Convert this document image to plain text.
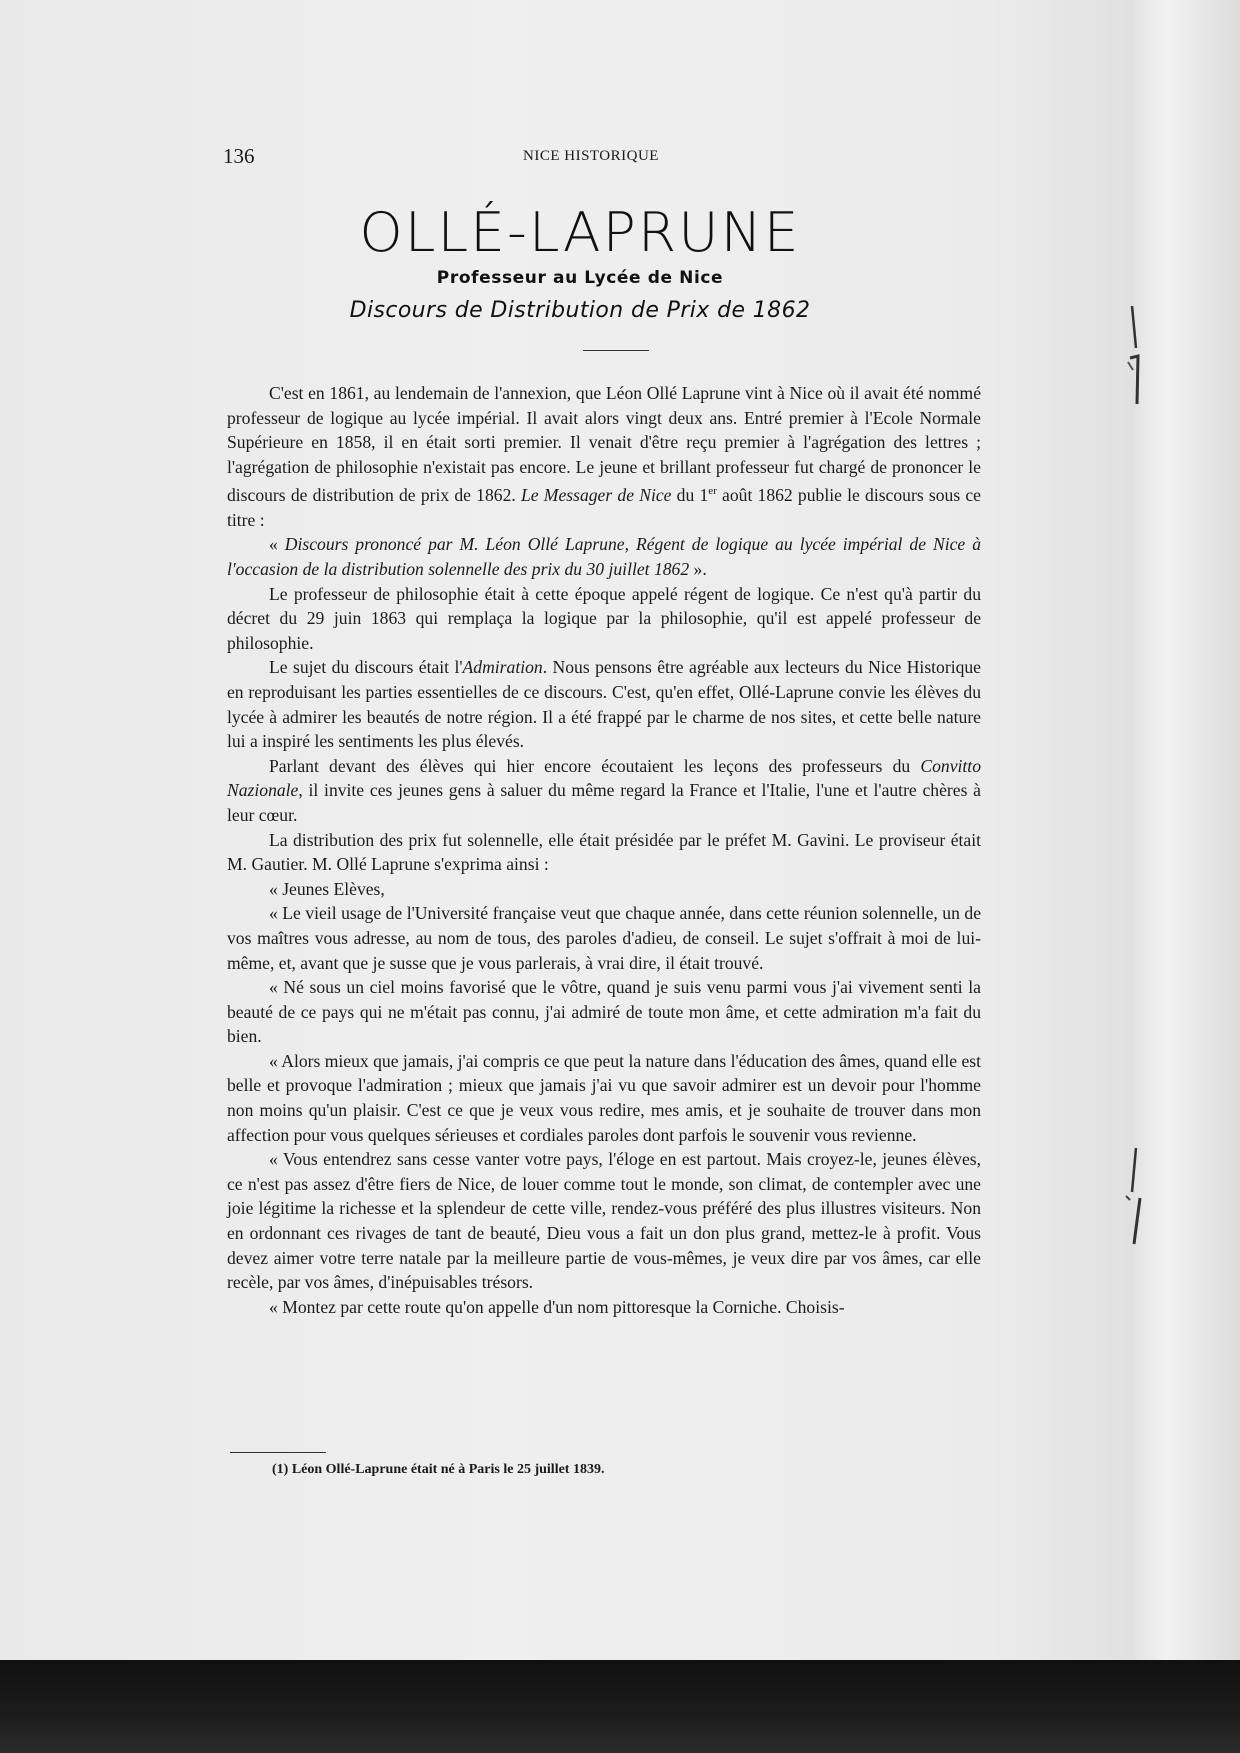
136	NICE HISTORIQUE
OLLÉ-LAPRUNE
Professeur au Lycée de Nice
Discours de Distribution de Prix de 1862

C'est en 1861, au lendemain de l'annexion, que Léon Ollé Laprune vint à Nice où il avait été nommé professeur de logique au lycée impérial. Il avait alors vingt deux ans. Entré premier à l'Ecole Normale Supérieure en 1858, il en était sorti premier. Il venait d'être reçu premier à l'agrégation des lettres ; l'agrégation de philosophie n'existait pas encore. Le jeune et brillant professeur fut chargé de prononcer le discours de distribution de prix de 1862. Le Messager de Nice du 1er août 1862 publie le discours sous ce titre :

« Discours prononcé par M. Léon Ollé Laprune, Régent de logique au lycée impérial de Nice à l'occasion de la distribution solennelle des prix du 30 juillet 1862 ».

Le professeur de philosophie était à cette époque appelé régent de logique. Ce n'est qu'à partir du décret du 29 juin 1863 qui remplaça la logique par la philosophie, qu'il est appelé professeur de philosophie.

Le sujet du discours était l'Admiration. Nous pensons être agréable aux lecteurs du Nice Historique en reproduisant les parties essentielles de ce discours. C'est, qu'en effet, Ollé-Laprune convie les élèves du lycée à admirer les beautés de notre région. Il a été frappé par le charme de nos sites, et cette belle nature lui a inspiré les sentiments les plus élevés.

Parlant devant des élèves qui hier encore écoutaient les leçons des professeurs du Convitto Nazionale, il invite ces jeunes gens à saluer du même regard la France et l'Italie, l'une et l'autre chères à leur cœur.

La distribution des prix fut solennelle, elle était présidée par le préfet M. Gavini. Le proviseur était M. Gautier. M. Ollé Laprune s'exprima ainsi :

« Jeunes Elèves,

« Le vieil usage de l'Université française veut que chaque année, dans cette réunion solennelle, un de vos maîtres vous adresse, au nom de tous, des paroles d'adieu, de conseil. Le sujet s'offrait à moi de lui-même, et, avant que je susse que je vous parlerais, à vrai dire, il était trouvé.

« Né sous un ciel moins favorisé que le vôtre, quand je suis venu parmi vous j'ai vivement senti la beauté de ce pays qui ne m'était pas connu, j'ai admiré de toute mon âme, et cette admiration m'a fait du bien.

« Alors mieux que jamais, j'ai compris ce que peut la nature dans l'éducation des âmes, quand elle est belle et provoque l'admiration ; mieux que jamais j'ai vu que savoir admirer est un devoir pour l'homme non moins qu'un plaisir. C'est ce que je veux vous redire, mes amis, et je souhaite de trouver dans mon affection pour vous quelques sérieuses et cordiales paroles dont parfois le souvenir vous revienne.

« Vous entendrez sans cesse vanter votre pays, l'éloge en est partout. Mais croyez-le, jeunes élèves, ce n'est pas assez d'être fiers de Nice, de louer comme tout le monde, son climat, de contempler avec une joie légitime la richesse et la splendeur de cette ville, rendez-vous préféré des plus illustres visiteurs. Non en ordonnant ces rivages de tant de beauté, Dieu vous a fait un don plus grand, mettez-le à profit. Vous devez aimer votre terre natale par la meilleure partie de vous-mêmes, je veux dire par vos âmes, car elle recèle, par vos âmes, d'inépuisables trésors.

« Montez par cette route qu'on appelle d'un nom pittoresque la Corniche. Choisis-

(1) Léon Ollé-Laprune était né à Paris le 25 juillet 1839.
